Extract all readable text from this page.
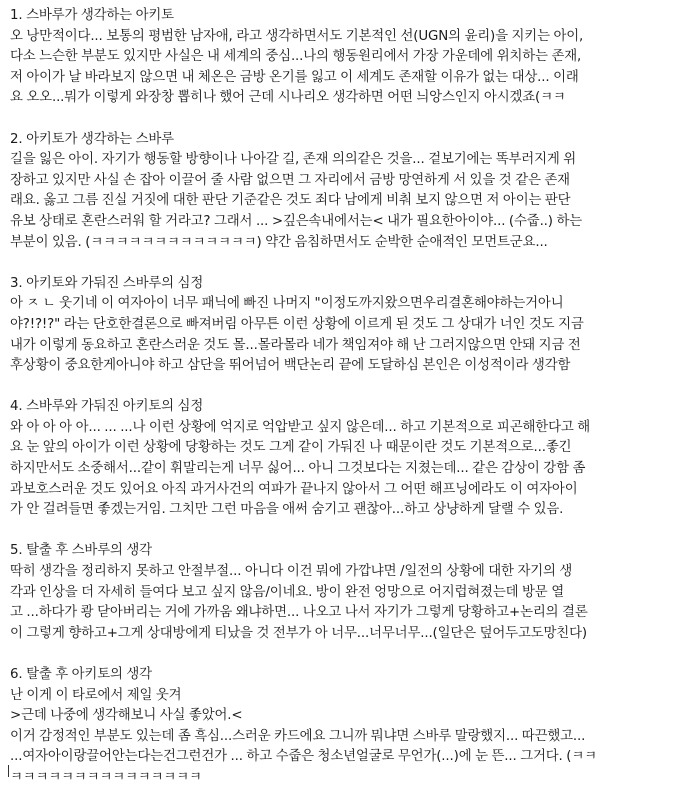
1. 스바루가 생각하는 아키토

오 낭만적이다... 보통의 평범한 남자애, 라고 생각하면서도 기본적인 선(UGN의 윤리)을 지키는 아이,
다소 느슨한 부분도 있지만 사실은 내 세계의 중심...나의 행동원리에서 가장 가운데에 위치하는 존재,
저 아이가 날 바라보지 않으면 내 체온은 금방 온기를 잃고 이 세계도 존재할 이유가 없는 대상... 이래
요 오오...뭐가 이렇게 와장창 뽑히나 했어 근데 시나리오 생각하면 어떤 늬앙스인지 아시겠죠(ㅋㅋ

2. 아키토가 생각하는 스바루

길을 잃은 아이. 자기가 행동할 방향이나 나아갈 길, 존재 의의같은 것을... 겉보기에는 똑부러지게 위
장하고 있지만 사실 손 잡아 이끌어 줄 사람 없으면 그 자리에서 금방 망연하게 서 있을 것 같은 존재
래요. 옳고 그름 진실 거짓에 대한 판단 기준같은 것도 죄다 남에게 비춰 보지 않으면 저 아이는 판단
유보 상태로 혼란스러워 할 거라고? 그래서 ... >깊은속내에서는< 내가 필요한아이야... (수줍..) 하는
부분이 있음. (ㅋㅋㅋㅋㅋㅋㅋㅋㅋㅋㅋㅋㅋ) 약간 음침하면서도 순박한 순애적인 모먼트군요...

3. 아키토와 가둬진 스바루의 심정

아 ㅈ ㄴ 웃기네 이 여자아이 너무 패닉에 빠진 나머지 "이정도까지왔으면우리결혼해야하는거아니
야?!?!?" 라는 단호한결론으로 빠져버림 아무튼 이런 상황에 이르게 된 것도 그 상대가 너인 것도 지금
내가 이렇게 동요하고 혼란스러운 것도 몰...몰라몰라 네가 책임져야 해 난 그러지않으면 안돼 지금 전
후상황이 중요한게아니야 하고 삼단을 뛰어넘어 백단논리 끝에 도달하심 본인은 이성적이라 생각함

4. 스바루와 가둬진 아키토의 심정

와 아 아 아 아... ... ...나 이런 상황에 억지로 억압받고 싶지 않은데... 하고 기본적으로 피곤해한다고 해
요 눈 앞의 아이가 이런 상황에 당황하는 것도 그게 같이 가둬진 나 때문이란 것도 기본적으로...좋긴
하지만서도 소중해서...같이 휘말리는게 너무 싫어... 아니 그것보다는 지쳤는데... 같은 감상이 강함 좀
과보호스러운 것도 있어요 아직 과거사건의 여파가 끝나지 않아서 그 어떤 해프닝에라도 이 여자아이
가 안 걸려들면 좋겠는거임. 그치만 그런 마음을 애써 숨기고 괜찮아...하고 상냥하게 달랠 수 있음.

5. 탈출 후 스바루의 생각

딱히 생각을 정리하지 못하고 안절부절... 아니다 이건 뭐에 가깝냐면 /일전의 상황에 대한 자기의 생
각과 인상을 더 자세히 들여다 보고 싶지 않음/이네요. 방이 완전 엉망으로 어지럽혀졌는데 방문 열
고 ...하다가 쾅 닫아버리는 거에 가까움 왜냐하면... 나오고 나서 자기가 그렇게 당황하고+논리의 결론
이 그렇게 향하고+그게 상대방에게 티났을 것 전부가 아 너무...너무너무...(일단은 덮어두고도망친다)

6. 탈출 후 아키토의 생각

난 이게 이 타로에서 제일 웃겨
>근데 나중에 생각해보니 사실 좋았어.<
이거 감정적인 부분도 있는데 좀 흑심...스러운 카드에요 그니까 뭐냐면 스바루 말랑했지... 따끈했고...
...여자아이랑끌어안는다는건그런건가 ... 하고 수줍은 청소년얼굴로 무언가(...)에 눈 뜬... 그거다. (ㅋㅋ
ㅋㅋㅋㅋㅋㅋㅋㅋㅋㅋㅋㅋㅋㅋㅋ
